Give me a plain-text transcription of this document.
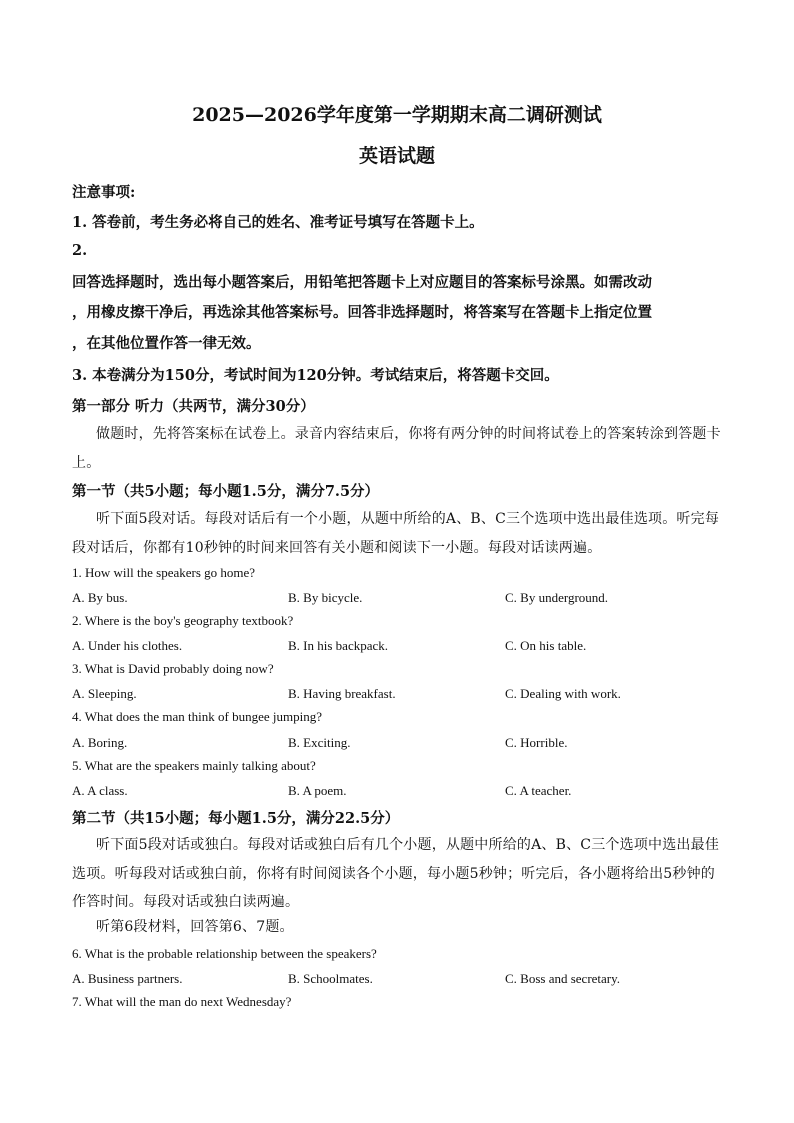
2025—2026学年度第一学期期末高二调研测试
英语试题
注意事项:
1. 答卷前，考生务必将自己的姓名、准考证号填写在答题卡上。
2.
回答选择题时，选出每小题答案后，用铅笔把答题卡上对应题目的答案标号涂黑。如需改动
，用橡皮擦干净后，再选涂其他答案标号。回答非选择题时，将答案写在答题卡上指定位置
，在其他位置作答一律无效。
3. 本卷满分为150分，考试时间为120分钟。考试结束后，将答题卡交回。
第一部分 听力（共两节，满分30分）
做题时，先将答案标在试卷上。录音内容结束后，你将有两分钟的时间将试卷上的答案转涂到答题卡上。
第一节（共5小题；每小题1.5分，满分7.5分）
听下面5段对话。每段对话后有一个小题，从题中所给的A、B、C三个选项中选出最佳选项。听完每段对话后，你都有10秒钟的时间来回答有关小题和阅读下一小题。每段对话读两遍。
1. How will the speakers go home?
A. By bus.	B. By bicycle.	C. By underground.
2. Where is the boy's geography textbook?
A. Under his clothes.	B. In his backpack.	C. On his table.
3. What is David probably doing now?
A. Sleeping.	B. Having breakfast.	C. Dealing with work.
4. What does the man think of bungee jumping?
A. Boring.	B. Exciting.	C. Horrible.
5. What are the speakers mainly talking about?
A. A class.	B. A poem.	C. A teacher.
第二节（共15小题；每小题1.5分，满分22.5分）
听下面5段对话或独白。每段对话或独白后有几个小题，从题中所给的A、B、C三个选项中选出最佳选项。听每段对话或独白前，你将有时间阅读各个小题，每小题5秒钟；听完后，各小题将给出5秒钟的作答时间。每段对话或独白读两遍。
听第6段材料，回答第6、7题。
6. What is the probable relationship between the speakers?
A. Business partners.	B. Schoolmates.	C. Boss and secretary.
7. What will the man do next Wednesday?
